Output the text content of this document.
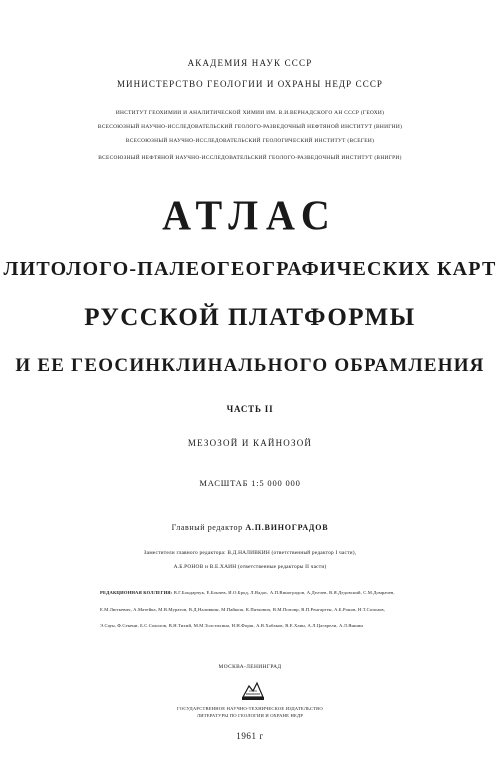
АКАДЕМИЯ НАУК СССР
МИНИСТЕРСТВО ГЕОЛОГИИ И ОХРАНЫ НЕДР СССР
ИНСТИТУТ ГЕОХИМИИ И АНАЛИТИЧЕСКОЙ ХИМИИ ИМ. В.И.ВЕРНАДСКОГО АН СССР (ГЕОХИ)
ВСЕСОЮЗНЫЙ НАУЧНО-ИССЛЕДОВАТЕЛЬСКИЙ ГЕОЛОГО-РАЗВЕДОЧНЫЙ НЕФТЯНОЙ ИНСТИТУТ (ВНИГНИ)
ВСЕСОЮЗНЫЙ НАУЧНО-ИССЛЕДОВАТЕЛЬСКИЙ ГЕОЛОГИЧЕСКИЙ ИНСТИТУТ (ВСЕГЕИ)
ВСЕСОЮЗНЫЙ НЕФТЯНОЙ НАУЧНО-ИССЛЕДОВАТЕЛЬСКИЙ ГЕОЛОГО-РАЗВЕДОЧНЫЙ ИНСТИТУТ (ВНИГРИ)
АТЛАС
ЛИТОЛОГО-ПАЛЕОГЕОГРАФИЧЕСКИХ КАРТ
РУССКОЙ ПЛАТФОРМЫ
И ЕЕ ГЕОСИНКЛИНАЛЬНОГО ОБРАМЛЕНИЯ
ЧАСТЬ II
МЕЗОЗОЙ И КАЙНОЗОЙ
МАСШТАБ 1:5 000 000
Главный редактор А.П.ВИНОГРАДОВ
Заместители главного редактора: В.Д.НАЛИВКИН (ответственный редактор I части),
А.Б.РОНОВ и В.Е.ХАИН (ответственные редакторы II части)
РЕДАКЦИОННАЯ КОЛЛЕГИЯ: В.Г.Бондарчук, Е.Бончев, И.О.Брод, Л.Вадас, А.П.Виноградов, А.Делчев, В.Я.Дедовский, С.М.Домрачев,
Е.М.Люткевич, А.Матейка, М.В.Муратов, В.Д.Наливкин, М.Пайкош, К.Пяткович, В.М.Поповр, В.П.Ренгартен, А.Б.Ронов, Н.Т.Сазонов,
Э.Саун, Ф.Секени, Б.С.Соколов, В.Н.Тихий, М.М.Толстихина, Н.Н.Форш, А.В.Хабаков, В.Е.Хаин, А.Л.Цагарели, А.Л.Яншин
МОСКВА-ЛЕНИНГРАД
ГОСУДАРСТВЕННОЕ НАУЧНО-ТЕХНИЧЕСКОЕ ИЗДАТЕЛЬСТВО
ЛИТЕРАТУРЫ ПО ГЕОЛОГИИ И ОХРАНЕ НЕДР
1961 г
